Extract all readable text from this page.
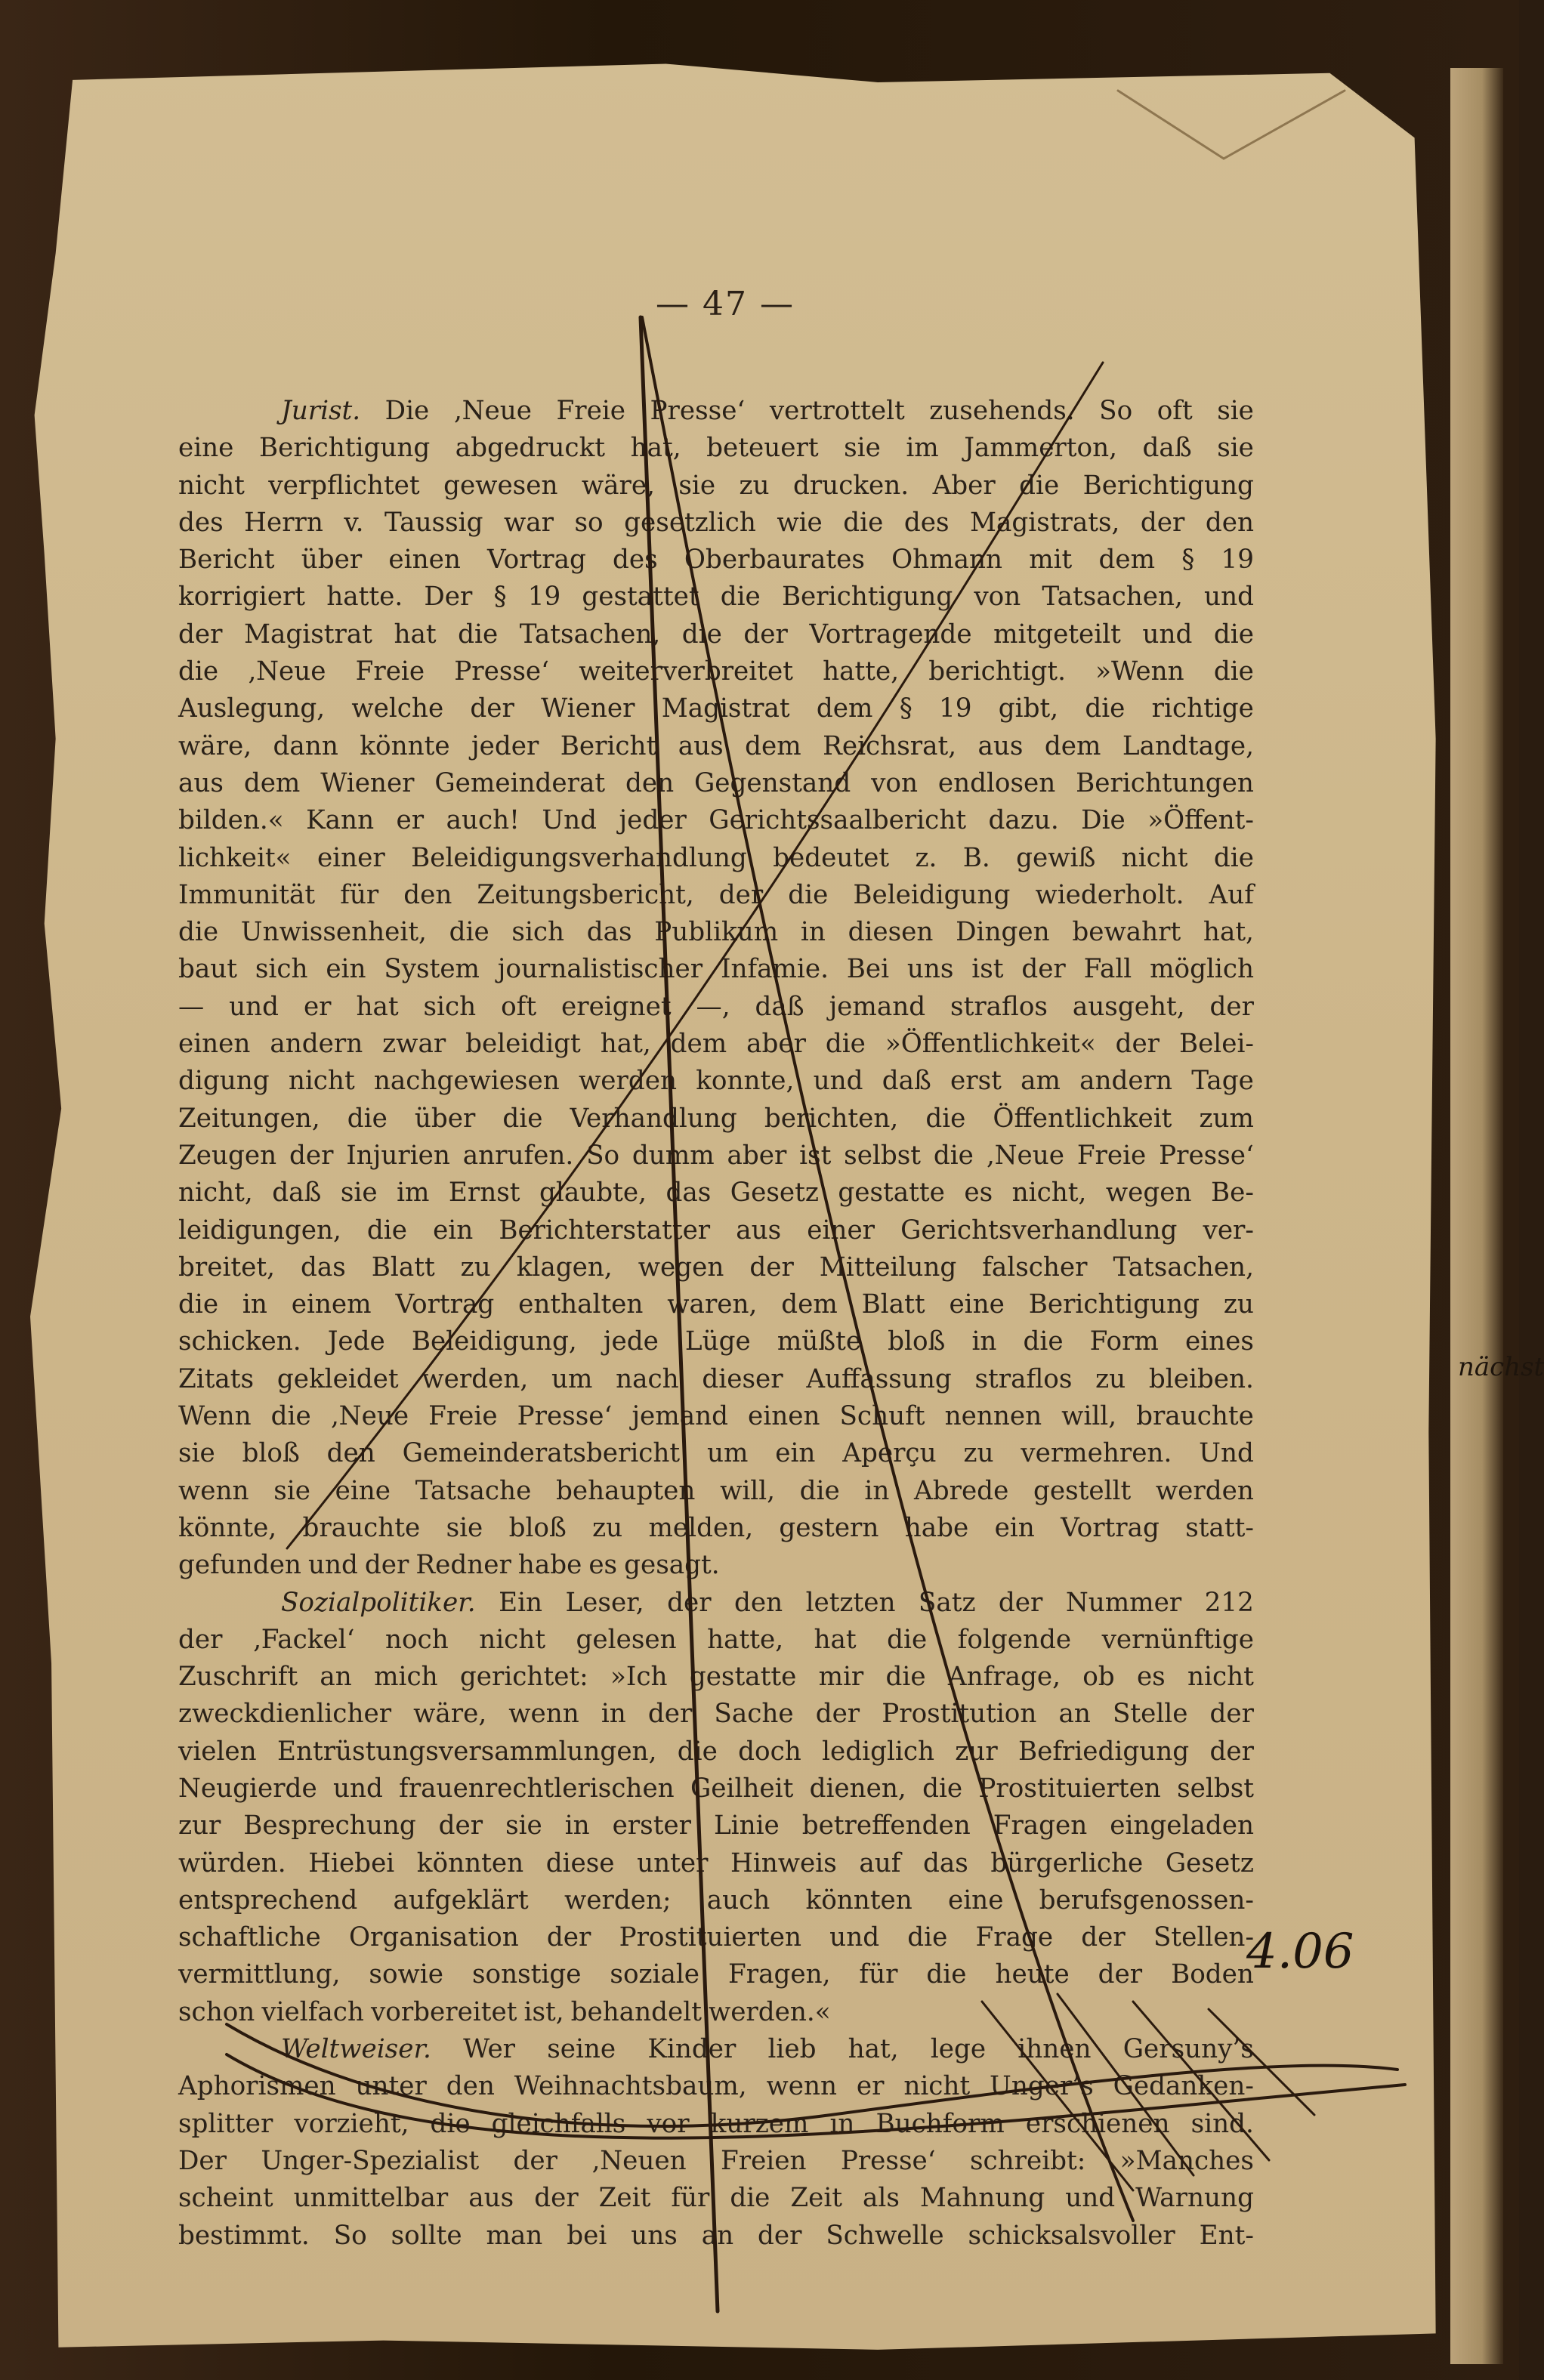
— 47 —
Jurist. Die ‚Neue Freie Presse‘ vertrottelt zusehends. So oft sie
eine Berichtigung abgedruckt hat, beteuert sie im Jammerton, daß sie
nicht verpflichtet gewesen wäre, sie zu drucken. Aber die Berichtigung
des Herrn v. Taussig war so gesetzlich wie die des Magistrats, der den
Bericht über einen Vortrag des Oberbaurates Ohmann mit dem § 19
korrigiert hatte. Der § 19 gestattet die Berichtigung von Tatsachen, und
der Magistrat hat die Tatsachen, die der Vortragende mitgeteilt und die
die ‚Neue Freie Presse‘ weiterverbreitet hatte, berichtigt. »Wenn die
Auslegung, welche der Wiener Magistrat dem § 19 gibt, die richtige
wäre, dann könnte jeder Bericht aus dem Reichsrat, aus dem Landtage,
aus dem Wiener Gemeinderat den Gegenstand von endlosen Berichtungen
bilden.« Kann er auch! Und jeder Gerichtssaalbericht dazu. Die »Öffent-
lichkeit« einer Beleidigungsverhandlung bedeutet z. B. gewiß nicht die
Immunität für den Zeitungsbericht, der die Beleidigung wiederholt. Auf
die Unwissenheit, die sich das Publikum in diesen Dingen bewahrt hat,
baut sich ein System journalistischer Infamie. Bei uns ist der Fall möglich
— und er hat sich oft ereignet —, daß jemand straflos ausgeht, der
einen andern zwar beleidigt hat, dem aber die »Öffentlichkeit« der Belei-
digung nicht nachgewiesen werden konnte, und daß erst am andern Tage
Zeitungen, die über die Verhandlung berichten, die Öffentlichkeit zum
Zeugen der Injurien anrufen. So dumm aber ist selbst die ‚Neue Freie Presse‘
nicht, daß sie im Ernst glaubte, das Gesetz gestatte es nicht, wegen Be-
leidigungen, die ein Berichterstatter aus einer Gerichtsverhandlung ver-
breitet, das Blatt zu klagen, wegen der Mitteilung falscher Tatsachen,
die in einem Vortrag enthalten waren, dem Blatt eine Berichtigung zu
schicken. Jede Beleidigung, jede Lüge müßte bloß in die Form eines
Zitats gekleidet werden, um nach dieser Auffassung straflos zu bleiben.
Wenn die ‚Neue Freie Presse‘ jemand einen Schuft nennen will, brauchte
sie bloß den Gemeinderatsbericht um ein Aperçu zu vermehren. Und
wenn sie eine Tatsache behaupten will, die in Abrede gestellt werden
könnte, brauchte sie bloß zu melden, gestern habe ein Vortrag statt-
gefunden und der Redner habe es gesagt.
Sozialpolitiker. Ein Leser, der den letzten Satz der Nummer 212
der ‚Fackel‘ noch nicht gelesen hatte, hat die folgende vernünftige
Zuschrift an mich gerichtet: »Ich gestatte mir die Anfrage, ob es nicht
zweckdienlicher wäre, wenn in der Sache der Prostitution an Stelle der
vielen Entrüstungsversammlungen, die doch lediglich zur Befriedigung der
Neugierde und frauenrechtlerischen Geilheit dienen, die Prostituierten selbst
zur Besprechung der sie in erster Linie betreffenden Fragen eingeladen
würden. Hiebei könnten diese unter Hinweis auf das bürgerliche Gesetz
entsprechend aufgeklärt werden; auch könnten eine berufsgenossen-
schaftliche Organisation der Prostituierten und die Frage der Stellen-
vermittlung, sowie sonstige soziale Fragen, für die heute der Boden
schon vielfach vorbereitet ist, behandelt werden.«
Weltweiser. Wer seine Kinder lieb hat, lege ihnen Gersuny’s
Aphorismen unter den Weihnachtsbaum, wenn er nicht Unger’s Gedanken-
splitter vorzieht, die gleichfalls vor kurzem in Buchform erschienen sind.
Der Unger-Spezialist der ‚Neuen Freien Presse‘ schreibt: »Manches
scheint unmittelbar aus der Zeit für die Zeit als Mahnung und Warnung
bestimmt. So sollte man bei uns an der Schwelle schicksalsvoller Ent-
nächst
4.06
